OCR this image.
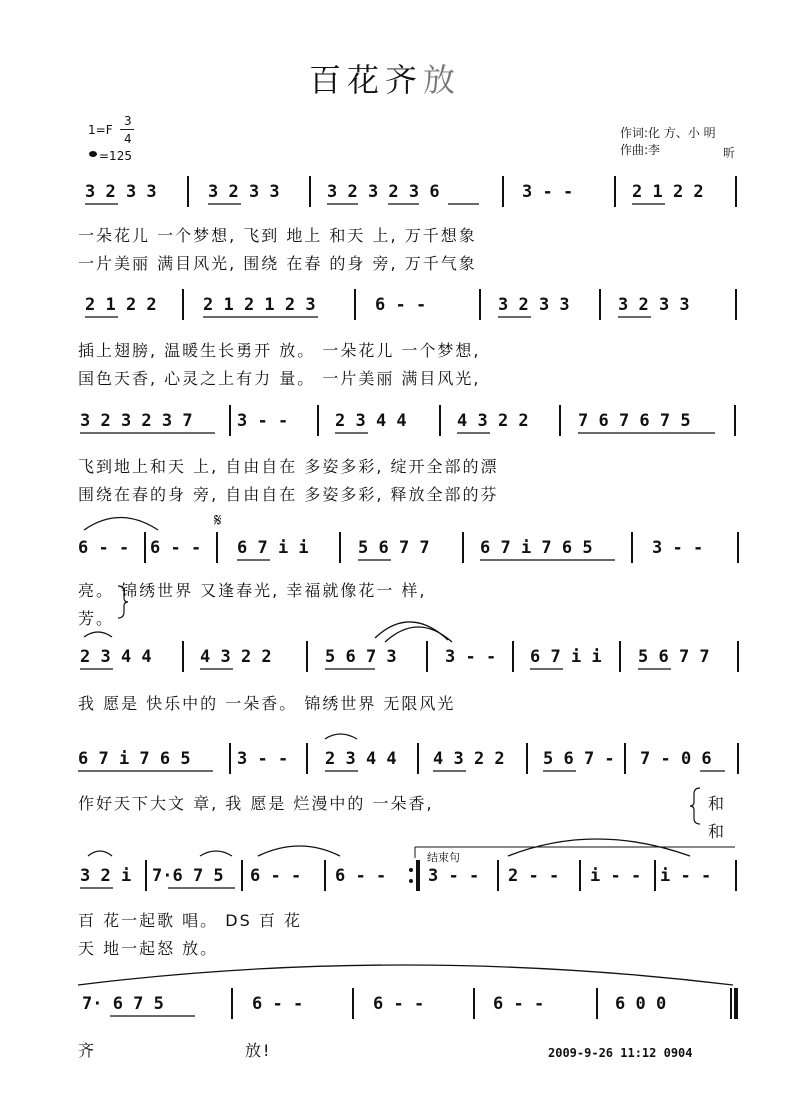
百花齐放
1=F
3
4
=125
作词:化 方、小 明
作曲:李	昕
𝄋
结束句
2009-9-26 11:12 0904
3 2 3 3	3 2 3 3	3 2 3 2 3 6	3 - -	2 1 2 2
一朵花儿 一个梦想, 飞到 地上 和天 上, 万千想象
一片美丽 满目风光, 围绕 在春 的身 旁, 万千气象
2 1 2 2	2 1 2 1 2 3	6 - -	3 2 3 3	3 2 3 3
插上翅膀, 温暖生长勇开 放。 一朵花儿 一个梦想,
国色天香, 心灵之上有力 量。 一片美丽 满目风光,
3 2 3 2 3 7	3 - -	2 3 4 4	4 3 2 2	7 6 7 6 7 5
飞到地上和天 上, 自由自在 多姿多彩, 绽开全部的漂
围绕在春的身 旁, 自由自在 多姿多彩, 释放全部的芬
6 - - 6 - - 6 7 i i	5 6 7 7	6 7 i 7 6 5	3 - -
亮。 锦绣世界 又逢春光, 幸福就像花一 样,
芳。
2 3 4 4	4 3 2 2	5 6 7 3	3 - - 6 7 i i 5 6 7 7
我 愿是 快乐中的 一朵香。 锦绣世界 无限风光
6 7 i 7 6 5	3 - - 2 3 4 4 4 3 2 2 5 6 7 - 7 - 0 6
作好天下大文 章, 我 愿是 烂漫中的 一朵香,	和
和
3 2 i 7·6 7 5 6 - - 6 - - 3 - - 2 - - i - - i - -
百 花一起歌 唱。 DS 百 花
天 地一起怒 放。
7· 6 7 5	6 - -	6 - -	6 - -	6 0 0
齐	放!
